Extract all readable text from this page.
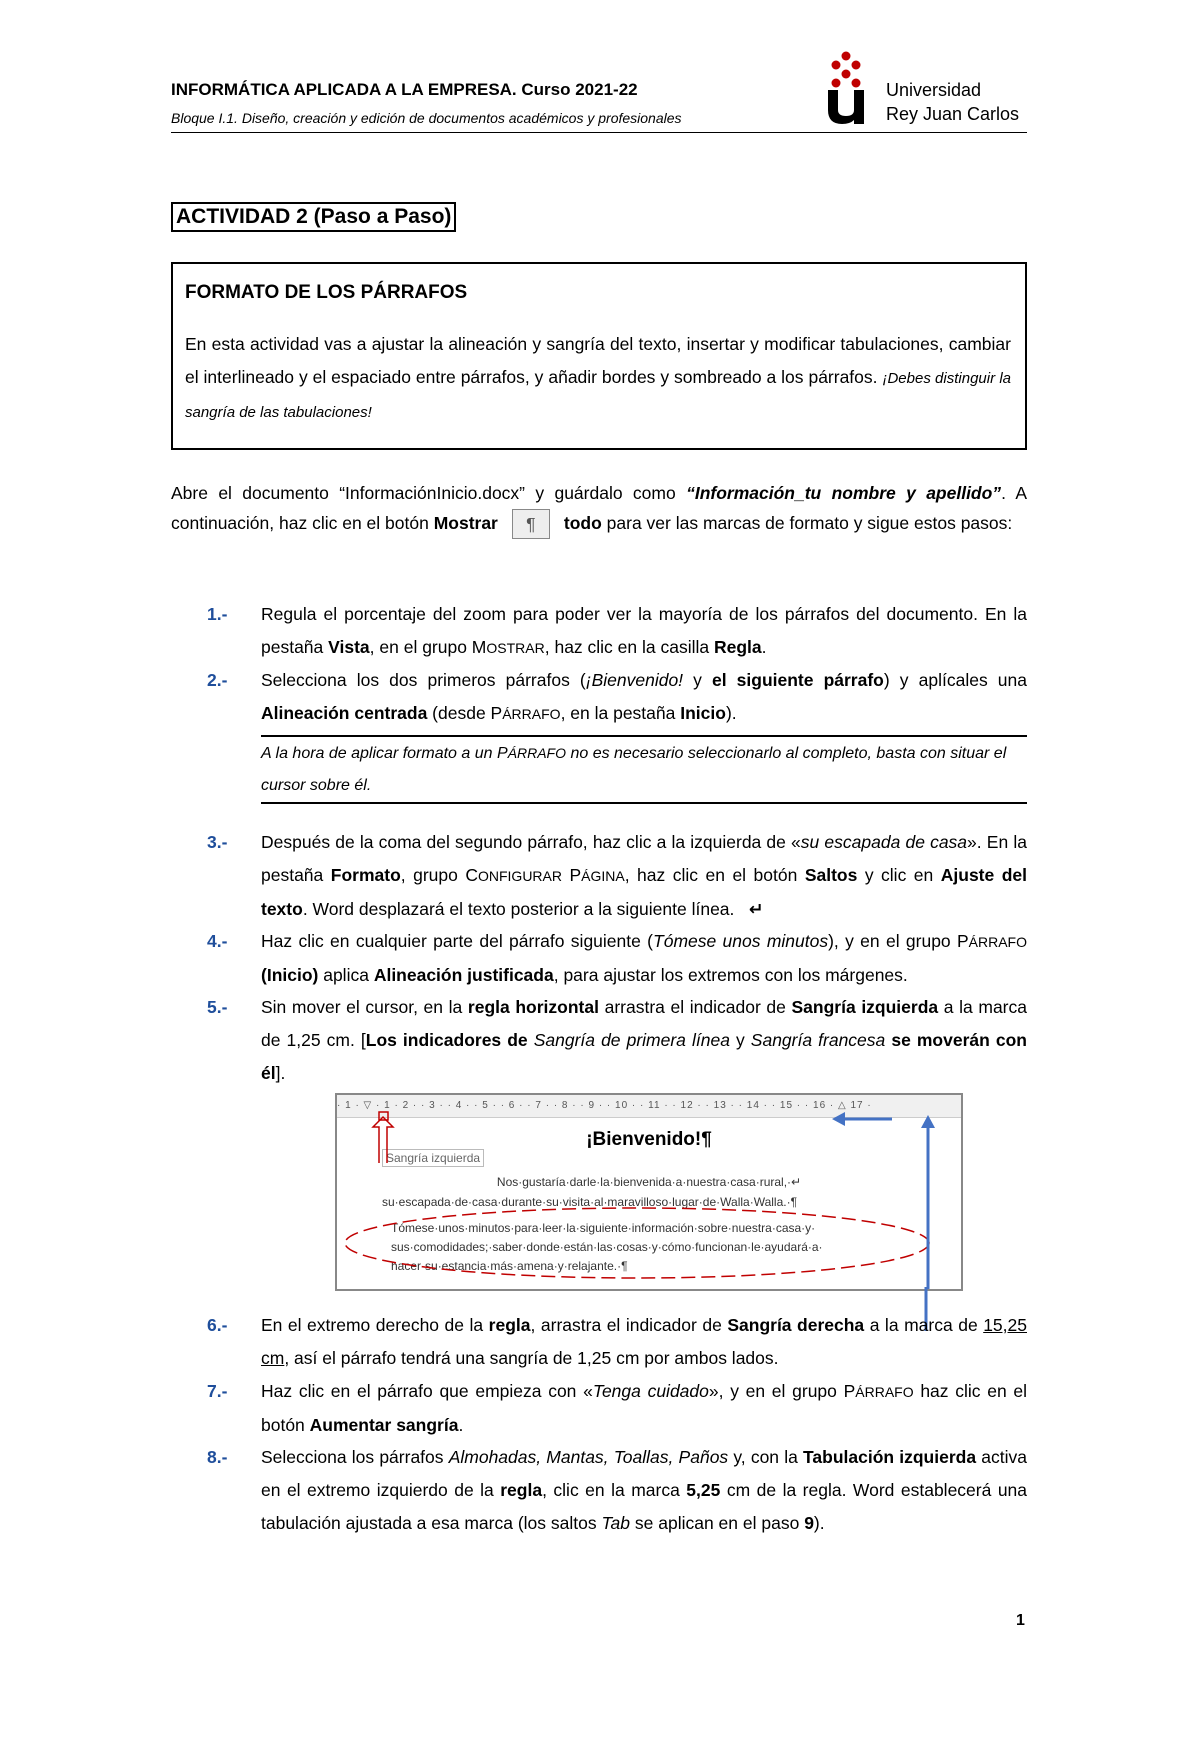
INFORMÁTICA APLICADA A LA EMPRESA. Curso 2021-22
Bloque I.1. Diseño, creación y edición de documentos académicos y profesionales
Universidad
Rey Juan Carlos
ACTIVIDAD 2 (Paso a Paso)
FORMATO DE LOS PÁRRAFOS
En esta actividad vas a ajustar la alineación y sangría del texto, insertar y modificar tabulaciones, cambiar el interlineado y el espaciado entre párrafos, y añadir bordes y sombreado a los párrafos. ¡Debes distinguir la sangría de las tabulaciones!
Abre el documento “InformaciónInicio.docx” y guárdalo como “Información_tu nombre y apellido”. A continuación, haz clic en el botón Mostrar ¶ todo para ver las marcas de formato y sigue estos pasos:
1.- Regula el porcentaje del zoom para poder ver la mayoría de los párrafos del documento. En la pestaña Vista, en el grupo MOSTRAR, haz clic en la casilla Regla.
2.- Selecciona los dos primeros párrafos (¡Bienvenido! y el siguiente párrafo) y aplícales una Alineación centrada (desde PÁRRAFO, en la pestaña Inicio).
A la hora de aplicar formato a un PÁRRAFO no es necesario seleccionarlo al completo, basta con situar el cursor sobre él.
3.- Después de la coma del segundo párrafo, haz clic a la izquierda de «su escapada de casa». En la pestaña Formato, grupo CONFIGURAR PÁGINA, haz clic en el botón Saltos y clic en Ajuste del texto. Word desplazará el texto posterior a la siguiente línea.   ↵
4.- Haz clic en cualquier parte del párrafo siguiente (Tómese unos minutos), y en el grupo PÁRRAFO (Inicio) aplica Alineación justificada, para ajustar los extremos con los márgenes.
5.- Sin mover el cursor, en la regla horizontal arrastra el indicador de Sangría izquierda a la marca de 1,25 cm. [Los indicadores de Sangría de primera línea y Sangría francesa se moverán con él].
· 1 · ▽ · 1 · 2 · · 3 · · 4 · · 5 · · 6 · · 7 · · 8 · · 9 · · 10 · · 11 · · 12 · · 13 · · 14 · · 15 · · 16 · △ 17 ·
¡Bienvenido!¶
Sangría izquierda
Nos·gustaría·darle·la·bienvenida·a·nuestra·casa·rural,·↵
su·escapada·de·casa·durante·su·visita·al·maravilloso·lugar·de·Walla·Walla.·¶
Tómese·unos·minutos·para·leer·la·siguiente·información·sobre·nuestra·casa·y·
sus·comodidades;·saber·donde·están·las·cosas·y·cómo·funcionan·le·ayudará·a·
hacer·su·estancia·más·amena·y·relajante.·¶
6.- En el extremo derecho de la regla, arrastra el indicador de Sangría derecha a la marca de 15,25 cm, así el párrafo tendrá una sangría de 1,25 cm por ambos lados.
7.- Haz clic en el párrafo que empieza con «Tenga cuidado», y en el grupo PÁRRAFO haz clic en el botón Aumentar sangría.
8.- Selecciona los párrafos Almohadas, Mantas, Toallas, Paños y, con la Tabulación izquierda activa en el extremo izquierdo de la regla, clic en la marca 5,25 cm de la regla. Word establecerá una tabulación ajustada a esa marca (los saltos Tab se aplican en el paso 9).
1
